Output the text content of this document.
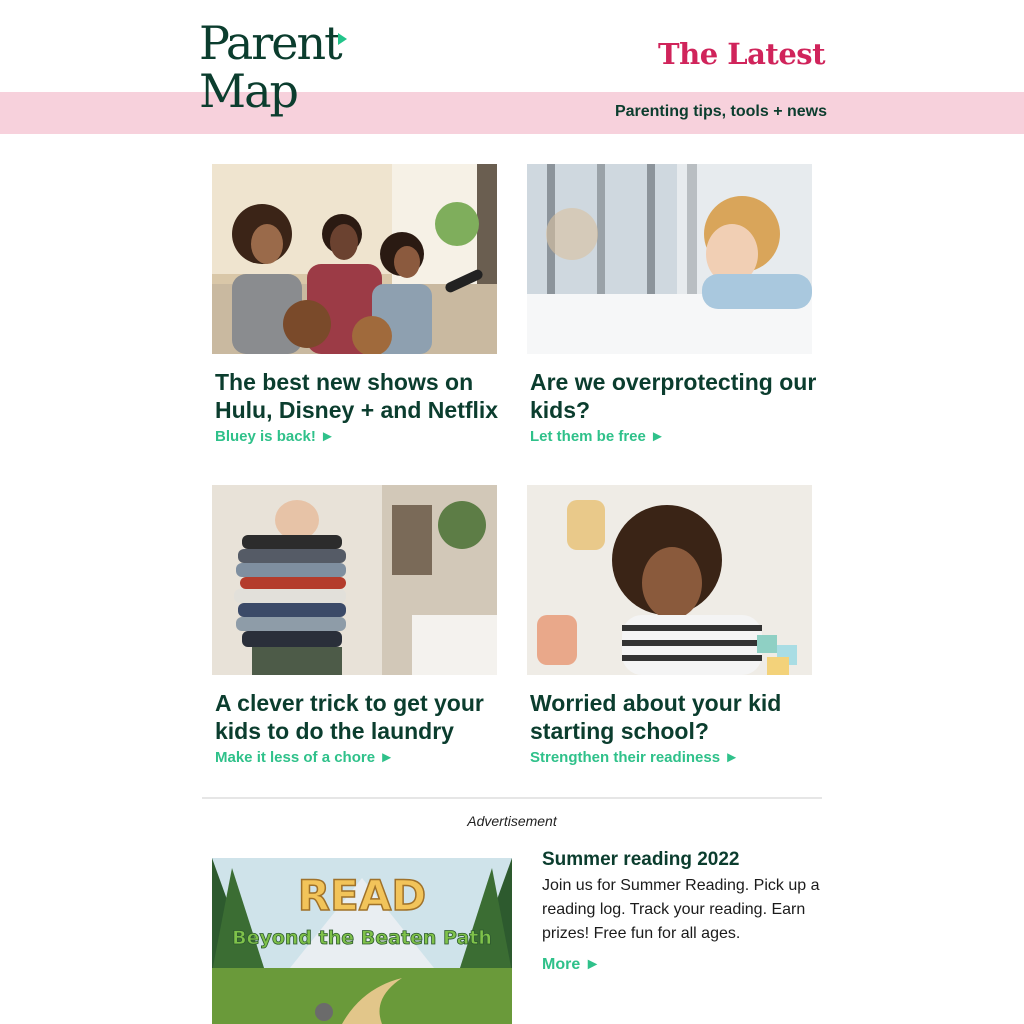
Parent
Map
The Latest
Parenting tips, tools + news
The best new shows on Hulu, Disney + and Netflix
Bluey is back! ►
Are we overprotecting our kids?
Let them be free ►
A clever trick to get your kids to do the laundry
Make it less of a chore ►
Worried about your kid starting school?
Strengthen their readiness ►
Advertisement
READ
Beyond the Beaten Path
Summer reading 2022
Join us for Summer Reading. Pick up a reading log. Track your reading. Earn prizes! Free fun for all ages.
More ►
